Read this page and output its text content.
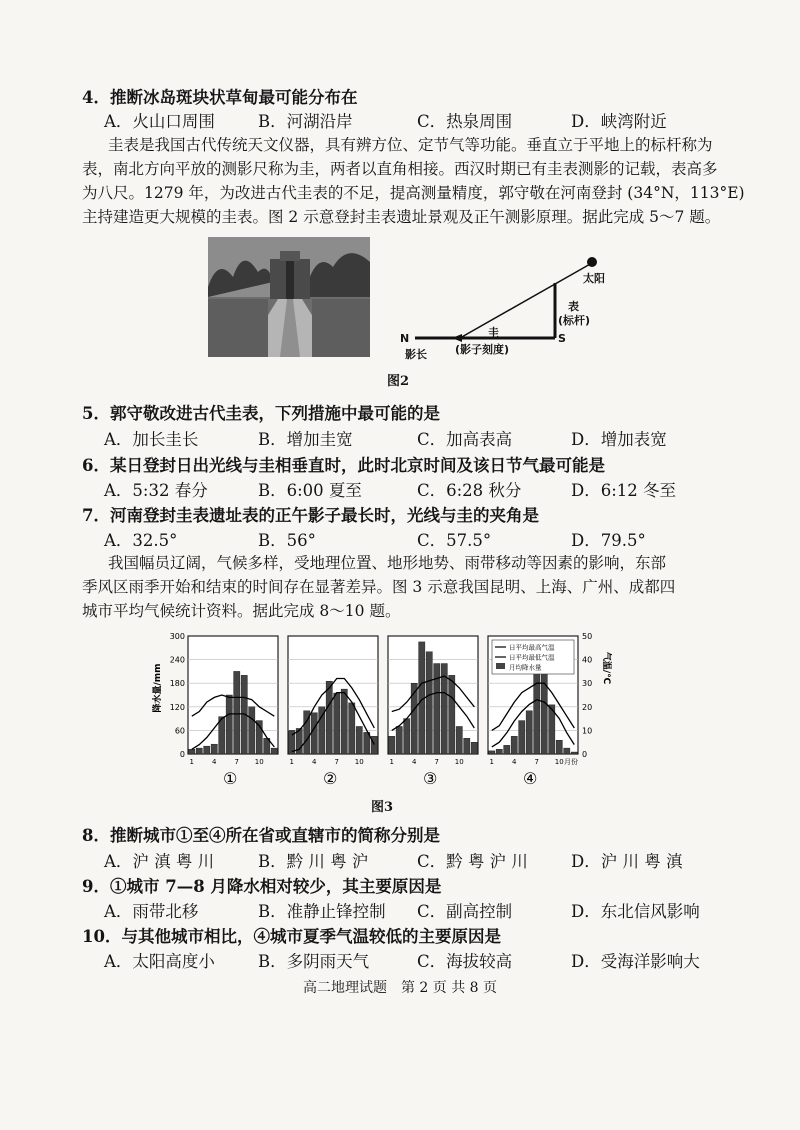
4．推断冰岛斑块状草甸最可能分布在
A．火山口周围	B．河湖沿岸	C．热泉周围	D．峡湾附近
圭表是我国古代传统天文仪器，具有辨方位、定节气等功能。垂直立于平地上的标杆称为
表，南北方向平放的测影尺称为圭，两者以直角相接。西汉时期已有圭表测影的记载，表高多
为八尺。1279 年，为改进古代圭表的不足，提高测量精度，郭守敬在河南登封 (34°N，113°E)
主持建造更大规模的圭表。图 2 示意登封圭表遗址景观及正午测影原理。据此完成 5～7 题。
太阳
表
(标杆)
圭
(影子刻度)
N	S
影长
图2
5．郭守敬改进古代圭表，下列措施中最可能的是
A．加长圭长	B．增加圭宽	C．加高表高	D．增加表宽
6．某日登封日出光线与圭相垂直时，此时北京时间及该日节气最可能是
A．5:32 春分	B．6:00 夏至	C．6:28 秋分	D．6:12 冬至
7．河南登封圭表遗址表的正午影子最长时，光线与圭的夹角是
A．32.5°	B．56°	C．57.5°	D．79.5°
我国幅员辽阔，气候多样，受地理位置、地形地势、雨带移动等因素的影响，东部
季风区雨季开始和结束的时间存在显著差异。图 3 示意我国昆明、上海、广州、成都四
城市平均气候统计资料。据此完成 8～10 题。
降水量/mm
300
240
180
120
60
0
1	4	7 10
①
1	4	7 10
②
1	4	7 10
③
1	4	7 10
④
50
40
30
20
10
0
气温/℃
月份
日平均最高气温
日平均最低气温
月均降水量
图3
8．推断城市①至④所在省或直辖市的简称分别是
A．沪 滇 粤 川	B．黔 川 粤 沪	C．黔 粤 沪 川	D．沪 川 粤 滇
9．①城市 7—8 月降水相对较少，其主要原因是
A．雨带北移	B．准静止锋控制 C．副高控制	D．东北信风影响
10．与其他城市相比，④城市夏季气温较低的主要原因是
A．太阳高度小	B．多阴雨天气	C．海拔较高	D．受海洋影响大
高二地理试题　第 2 页 共 8 页
